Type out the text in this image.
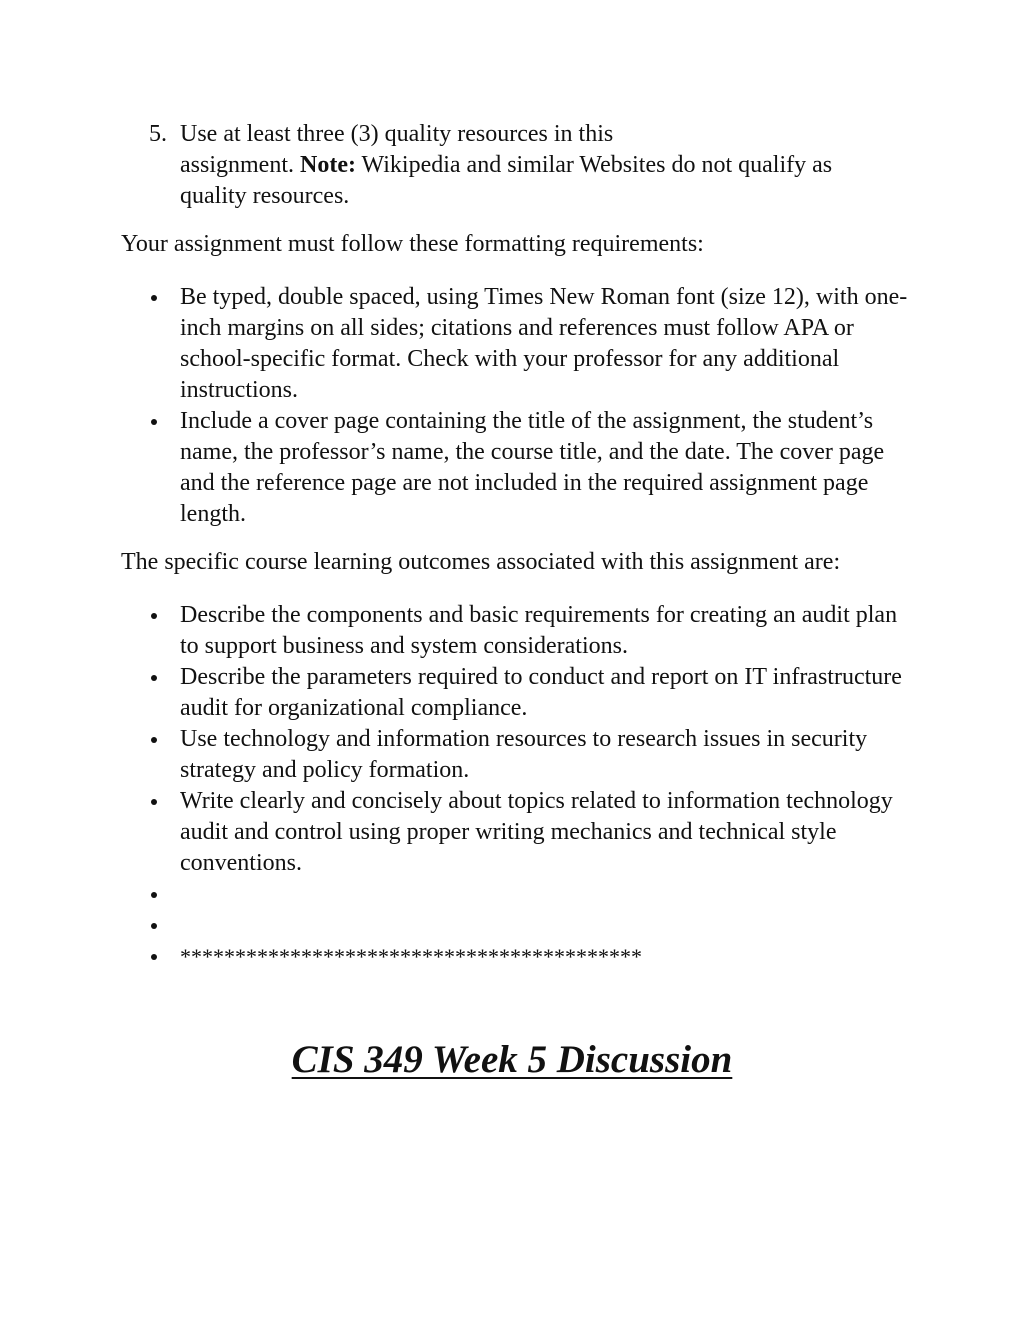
5. Use at least three (3) quality resources in this
assignment. Note: Wikipedia and similar Websites do not qualify as quality resources.
Your assignment must follow these formatting requirements:
Be typed, double spaced, using Times New Roman font (size 12), with one-inch margins on all sides; citations and references must follow APA or school-specific format. Check with your professor for any additional instructions.
Include a cover page containing the title of the assignment, the student’s name, the professor’s name, the course title, and the date. The cover page and the reference page are not included in the required assignment page length.
The specific course learning outcomes associated with this assignment are:
Describe the components and basic requirements for creating an audit plan to support business and system considerations.
Describe the parameters required to conduct and report on IT infrastructure audit for organizational compliance.
Use technology and information resources to research issues in security strategy and policy formation.
Write clearly and concisely about topics related to information technology audit and control using proper writing mechanics and technical style conventions.
******************************************
CIS 349 Week 5 Discussion
